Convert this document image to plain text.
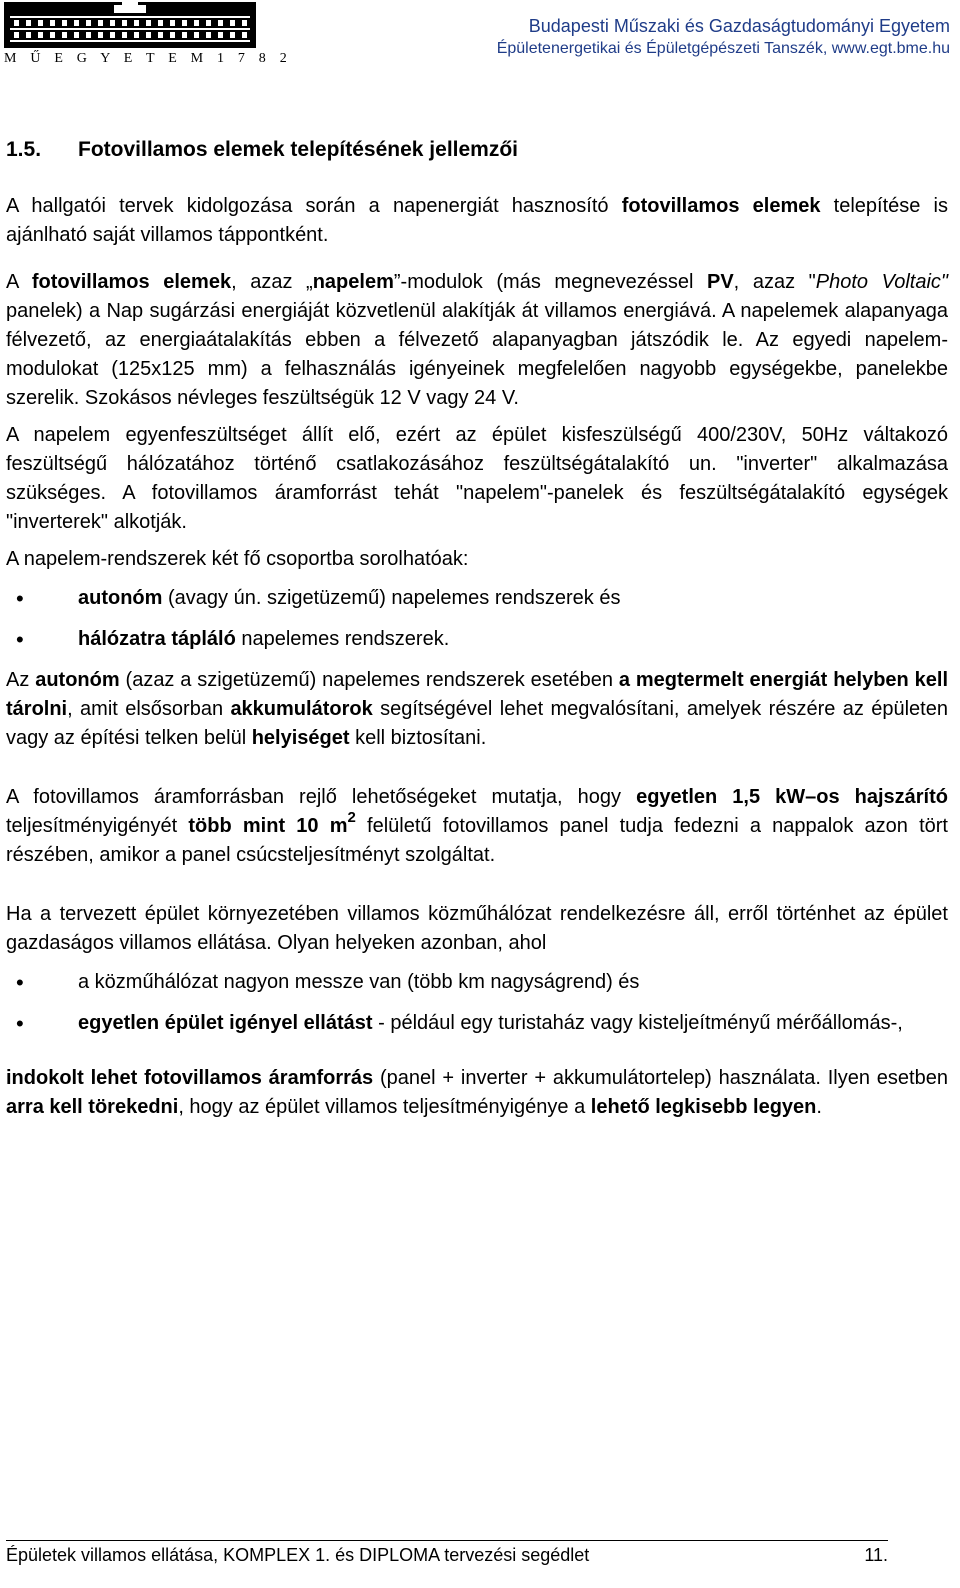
M Ű E G Y E T E M 1 7 8 2
Budapesti Műszaki és Gazdaságtudományi Egyetem
Épületenergetikai és Épületgépészeti Tanszék, www.egt.bme.hu
1.5. Fotovillamos elemek telepítésének jellemzői

A hallgatói tervek kidolgozása során a napenergiát hasznosító fotovillamos elemek telepítése is ajánlható saját villamos táppontként.

A fotovillamos elemek, azaz „napelem”-modulok (más megnevezéssel PV, azaz "Photo Voltaic" panelek) a Nap sugárzási energiáját közvetlenül alakítják át villamos energiává. A napelemek alapanyaga félvezető, az energiaátalakítás ebben a félvezető alapanyagban játszódik le. Az egyedi napelem-modulokat (125x125 mm) a felhasználás igényeinek megfelelően nagyobb egységekbe, panelekbe szerelik. Szokásos névleges feszültségük 12 V vagy 24 V.

A napelem egyenfeszültséget állít elő, ezért az épület kisfeszülségű 400/230V, 50Hz váltakozó feszültségű hálózatához történő csatlakozásához feszültségátalakító un. "inverter" alkalmazása szükséges. A fotovillamos áramforrást tehát "napelem"-panelek és feszültségátalakító egységek "inverterek" alkotják.

A napelem-rendszerek két fő csoportba sorolhatóak:

•	autonóm (avagy ún. szigetüzemű) napelemes rendszerek és
•	hálózatra tápláló napelemes rendszerek.

Az autonóm (azaz a szigetüzemű) napelemes rendszerek esetében a megtermelt energiát helyben kell tárolni, amit elsősorban akkumulátorok segítségével lehet megvalósítani, amelyek részére az épületen vagy az építési telken belül helyiséget kell biztosítani.

A fotovillamos áramforrásban rejlő lehetőségeket mutatja, hogy egyetlen 1,5 kW–os hajszárító teljesítményigényét több mint 10 $m^2$ felületű fotovillamos panel tudja fedezni a nappalok azon tört részében, amikor a panel csúcsteljesítményt szolgáltat.

Ha a tervezett épület környezetében villamos közműhálózat rendelkezésre áll, erről történhet az épület gazdaságos villamos ellátása. Olyan helyeken azonban, ahol

•	a közműhálózat nagyon messze van (több km nagyságrend) és
•	egyetlen épület igényel ellátást - például egy turistaház vagy kisteljeítményű mérőállomás-,

indokolt lehet fotovillamos áramforrás (panel + inverter + akkumulátortelep) használata. Ilyen esetben arra kell törekedni, hogy az épület villamos teljesítményigénye a lehető legkisebb legyen.

Épületek villamos ellátása, KOMPLEX 1. és DIPLOMA tervezési segédlet	11.
